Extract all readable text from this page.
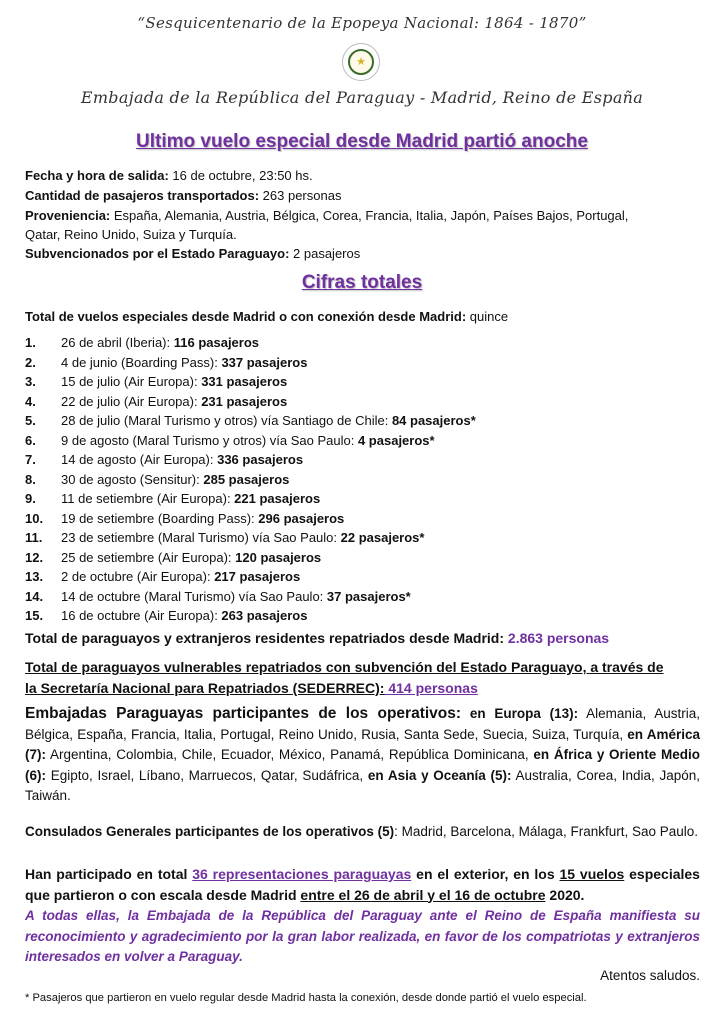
“Sesquicentenario de la Epopeya Nacional: 1864 - 1870”
★
Embajada de la República del Paraguay - Madrid, Reino de España
Ultimo vuelo especial desde Madrid partió anoche
Fecha y hora de salida: 16 de octubre, 23:50 hs.
Cantidad de pasajeros transportados: 263 personas
Proveniencia: España, Alemania, Austria, Bélgica, Corea, Francia, Italia, Japón, Países Bajos, Portugal,
Qatar, Reino Unido, Suiza y Turquía.
Subvencionados por el Estado Paraguayo: 2 pasajeros
Cifras totales
Total de vuelos especiales desde Madrid o con conexión desde Madrid: quince
1. 26 de abril (Iberia): 116 pasajeros
2. 4 de junio (Boarding Pass): 337 pasajeros
3. 15 de julio (Air Europa): 331 pasajeros
4. 22 de julio (Air Europa): 231 pasajeros
5. 28 de julio (Maral Turismo y otros) vía Santiago de Chile: 84 pasajeros*
6. 9 de agosto (Maral Turismo y otros) vía Sao Paulo: 4 pasajeros*
7. 14 de agosto (Air Europa): 336 pasajeros
8. 30 de agosto (Sensitur): 285 pasajeros
9. 11 de setiembre (Air Europa): 221 pasajeros
10. 19 de setiembre (Boarding Pass): 296 pasajeros
11. 23 de setiembre (Maral Turismo) vía Sao Paulo: 22 pasajeros*
12. 25 de setiembre (Air Europa): 120 pasajeros
13. 2 de octubre (Air Europa): 217 pasajeros
14. 14 de octubre (Maral Turismo) vía Sao Paulo: 37 pasajeros*
15. 16 de octubre (Air Europa): 263 pasajeros
Total de paraguayos y extranjeros residentes repatriados desde Madrid: 2.863 personas
Total de paraguayos vulnerables repatriados con subvención del Estado Paraguayo, a través de
la Secretaría Nacional para Repatriados (SEDERREC): 414 personas
Embajadas Paraguayas participantes de los operativos: en Europa (13): Alemania, Austria, Bélgica, España, Francia, Italia, Portugal, Reino Unido, Rusia, Santa Sede, Suecia, Suiza, Turquía, en América (7): Argentina, Colombia, Chile, Ecuador, México, Panamá, República Dominicana, en África y Oriente Medio (6): Egipto, Israel, Líbano, Marruecos, Qatar, Sudáfrica, en Asia y Oceanía (5): Australia, Corea, India, Japón, Taiwán.
Consulados Generales participantes de los operativos (5): Madrid, Barcelona, Málaga, Frankfurt, Sao Paulo.
Han participado en total 36 representaciones paraguayas en el exterior, en los 15 vuelos especiales que partieron o con escala desde Madrid entre el 26 de abril y el 16 de octubre 2020.
A todas ellas, la Embajada de la República del Paraguay ante el Reino de España manifiesta su reconocimiento y agradecimiento por la gran labor realizada, en favor de los compatriotas y extranjeros interesados en volver a Paraguay.
Atentos saludos.
* Pasajeros que partieron en vuelo regular desde Madrid hasta la conexión, desde donde partió el vuelo especial.
